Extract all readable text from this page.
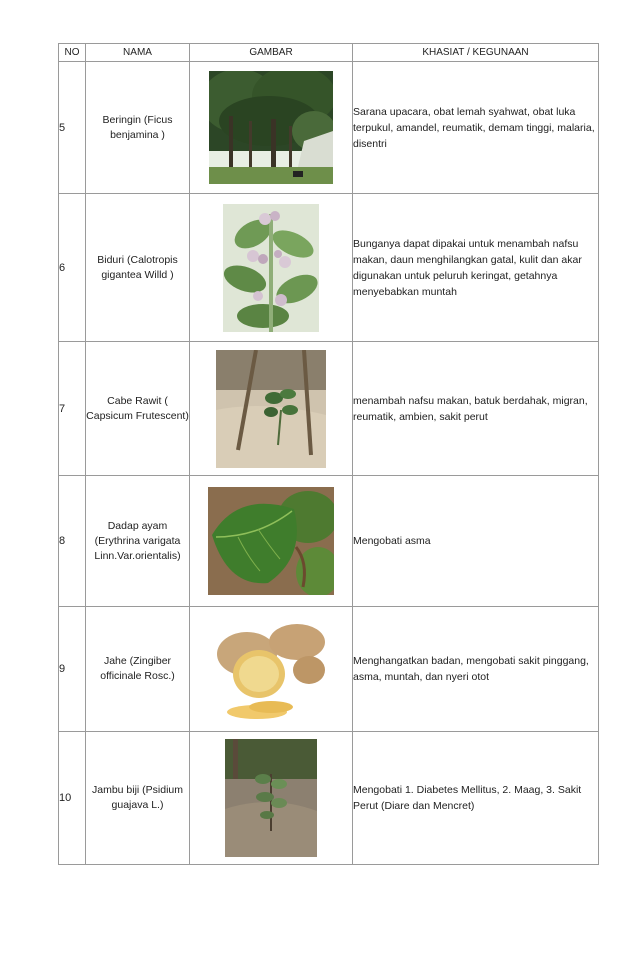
NO	NAMA	GAMBAR	KHASIAT / KEGUNAAN
5	Beringin (Ficus benjamina )		Sarana upacara, obat lemah syahwat, obat luka terpukul, amandel, reumatik, demam tinggi, malaria, disentri
6	Biduri (Calotropis gigantea Willd )		Bunganya dapat dipakai untuk menambah nafsu makan, daun menghilangkan gatal, kulit dan akar digunakan untuk peluruh keringat, getahnya menyebabkan muntah
7	Cabe Rawit ( Capsicum Frutescent)		menambah nafsu makan, batuk berdahak, migran, reumatik, ambien, sakit perut
8	Dadap ayam (Erythrina varigata Linn.Var.orientalis)		Mengobati asma
9	Jahe (Zingiber officinale Rosc.)		Menghangatkan badan, mengobati sakit pinggang, asma, muntah, dan nyeri otot
10	Jambu biji (Psidium guajava L.)		Mengobati 1. Diabetes Mellitus, 2. Maag, 3. Sakit Perut (Diare dan Mencret)
